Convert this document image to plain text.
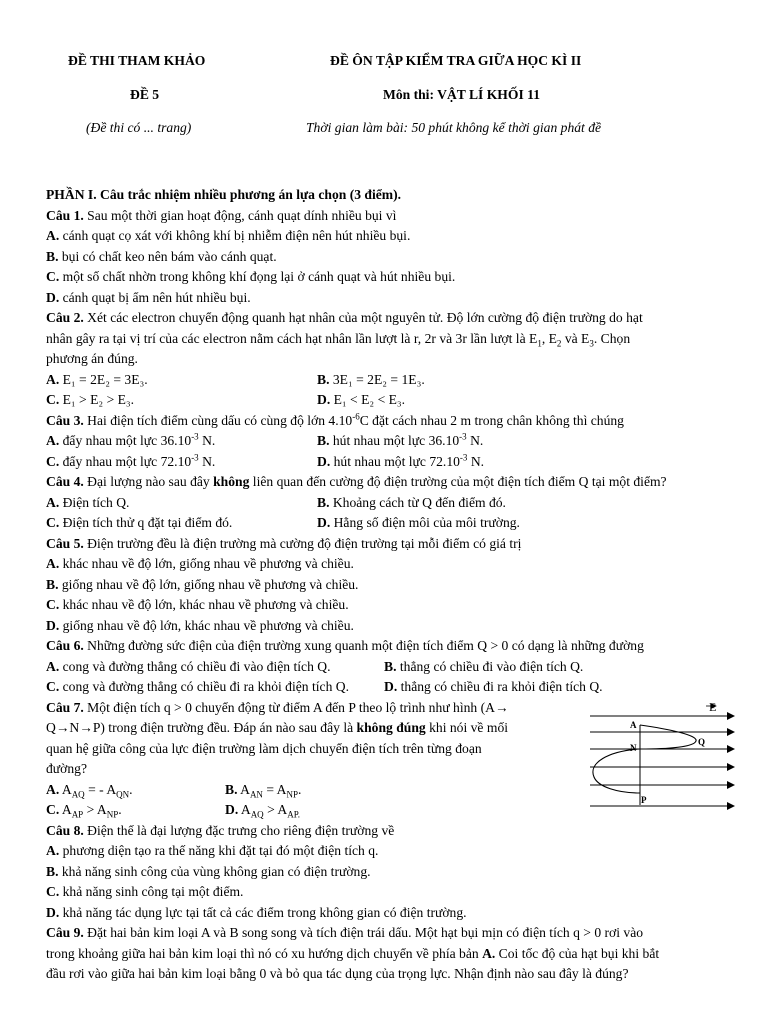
ĐỀ THI THAM KHẢO
ĐỀ 5
(Đề thi có ... trang)
ĐỀ ÔN TẬP KIỂM TRA GIỮA HỌC KÌ II
Môn thi: VẬT LÍ KHỐI 11
Thời gian làm bài: 50 phút không kể thời gian phát đề
PHẦN I. Câu trắc nhiệm nhiều phương án lựa chọn (3 điểm).
Câu 1. Sau một thời gian hoạt động, cánh quạt dính nhiều bụi vì
A. cánh quạt cọ xát với không khí bị nhiễm điện nên hút nhiều bụi.
B. bụi có chất keo nên bám vào cánh quạt.
C. một số chất nhờn trong không khí đọng lại ở cánh quạt và hút nhiều bụi.
D. cánh quạt bị ẩm nên hút nhiều bụi.
Câu 2. Xét các electron chuyển động quanh hạt nhân của một nguyên tử. Độ lớn cường độ điện trường do hạt
nhân gây ra tại vị trí của các electron nằm cách hạt nhân lần lượt là r, 2r và 3r lần lượt là $E_1$, $E_2$ và $E_3$. Chọn
phương án đúng.
A. E₁ = 2E₂ = 3E₃.	B. 3E₁ = 2E₂ = 1E₃.
C. E₁ > E₂ > E₃.	D. E₁ < E₂ < E₃.
Câu 3. Hai điện tích điểm cùng dấu có cùng độ lớn $4.10^{-6}C$ đặt cách nhau 2 m trong chân không thì chúng
A. đẩy nhau một lực $36.10^{-3}$ N.	B. hút nhau một lực $36.10^{-3}$ N.
C. đẩy nhau một lực $72.10^{-3}$ N.	D. hút nhau một lực $72.10^{-3}$ N.
Câu 4. Đại lượng nào sau đây không liên quan đến cường độ điện trường của một điện tích điểm Q tại một điểm?
A. Điện tích Q.	B. Khoảng cách từ Q đến điểm đó.
C. Điện tích thử q đặt tại điểm đó.	D. Hằng số điện môi của môi trường.
Câu 5. Điện trường đều là điện trường mà cường độ điện trường tại mỗi điểm có giá trị
A. khác nhau về độ lớn, giống nhau về phương và chiều.
B. giống nhau về độ lớn, giống nhau về phương và chiều.
C. khác nhau về độ lớn, khác nhau về phương và chiều.
D. giống nhau về độ lớn, khác nhau về phương và chiều.
Câu 6. Những đường sức điện của điện trường xung quanh một điện tích điểm Q > 0 có dạng là những đường
A. cong và đường thẳng có chiều đi vào điện tích Q.	B. thẳng có chiều đi vào điện tích Q.
C. cong và đường thẳng có chiều đi ra khỏi điện tích Q.	D. thẳng có chiều đi ra khỏi điện tích Q.
Câu 7. Một điện tích q > 0 chuyển động từ điểm A đến P theo lộ trình như hình (A→
Q→N→P) trong điện trường đều. Đáp án nào sau đây là không đúng khi nói về mối
quan hệ giữa công của lực điện trường làm dịch chuyển điện tích trên từng đoạn
đường?
A. $A_{AQ}$ = - $A_{QN}$.	B. $A_{AN} = A_{NP}$.
C. $A_{AP} > A_{NP}$.	D. $A_{AQ} > A_{AP.}$
Câu 8. Điện thế là đại lượng đặc trưng cho riêng điện trường về
A. phương diện tạo ra thế năng khi đặt tại đó một điện tích q.
B. khả năng sinh công của vùng không gian có điện trường.
C. khả năng sinh công tại một điểm.
D. khả năng tác dụng lực tại tất cả các điểm trong không gian có điện trường.
Câu 9. Đặt hai bản kim loại A và B song song và tích điện trái dấu. Một hạt bụi mịn có điện tích q > 0 rơi vào
trong khoảng giữa hai bản kim loại thì nó có xu hướng dịch chuyển về phía bản A. Coi tốc độ của hạt bụi khi bắt
đầu rơi vào giữa hai bản kim loại bằng 0 và bỏ qua tác dụng của trọng lực. Nhận định nào sau đây là đúng?
E
A
N
Q
P
